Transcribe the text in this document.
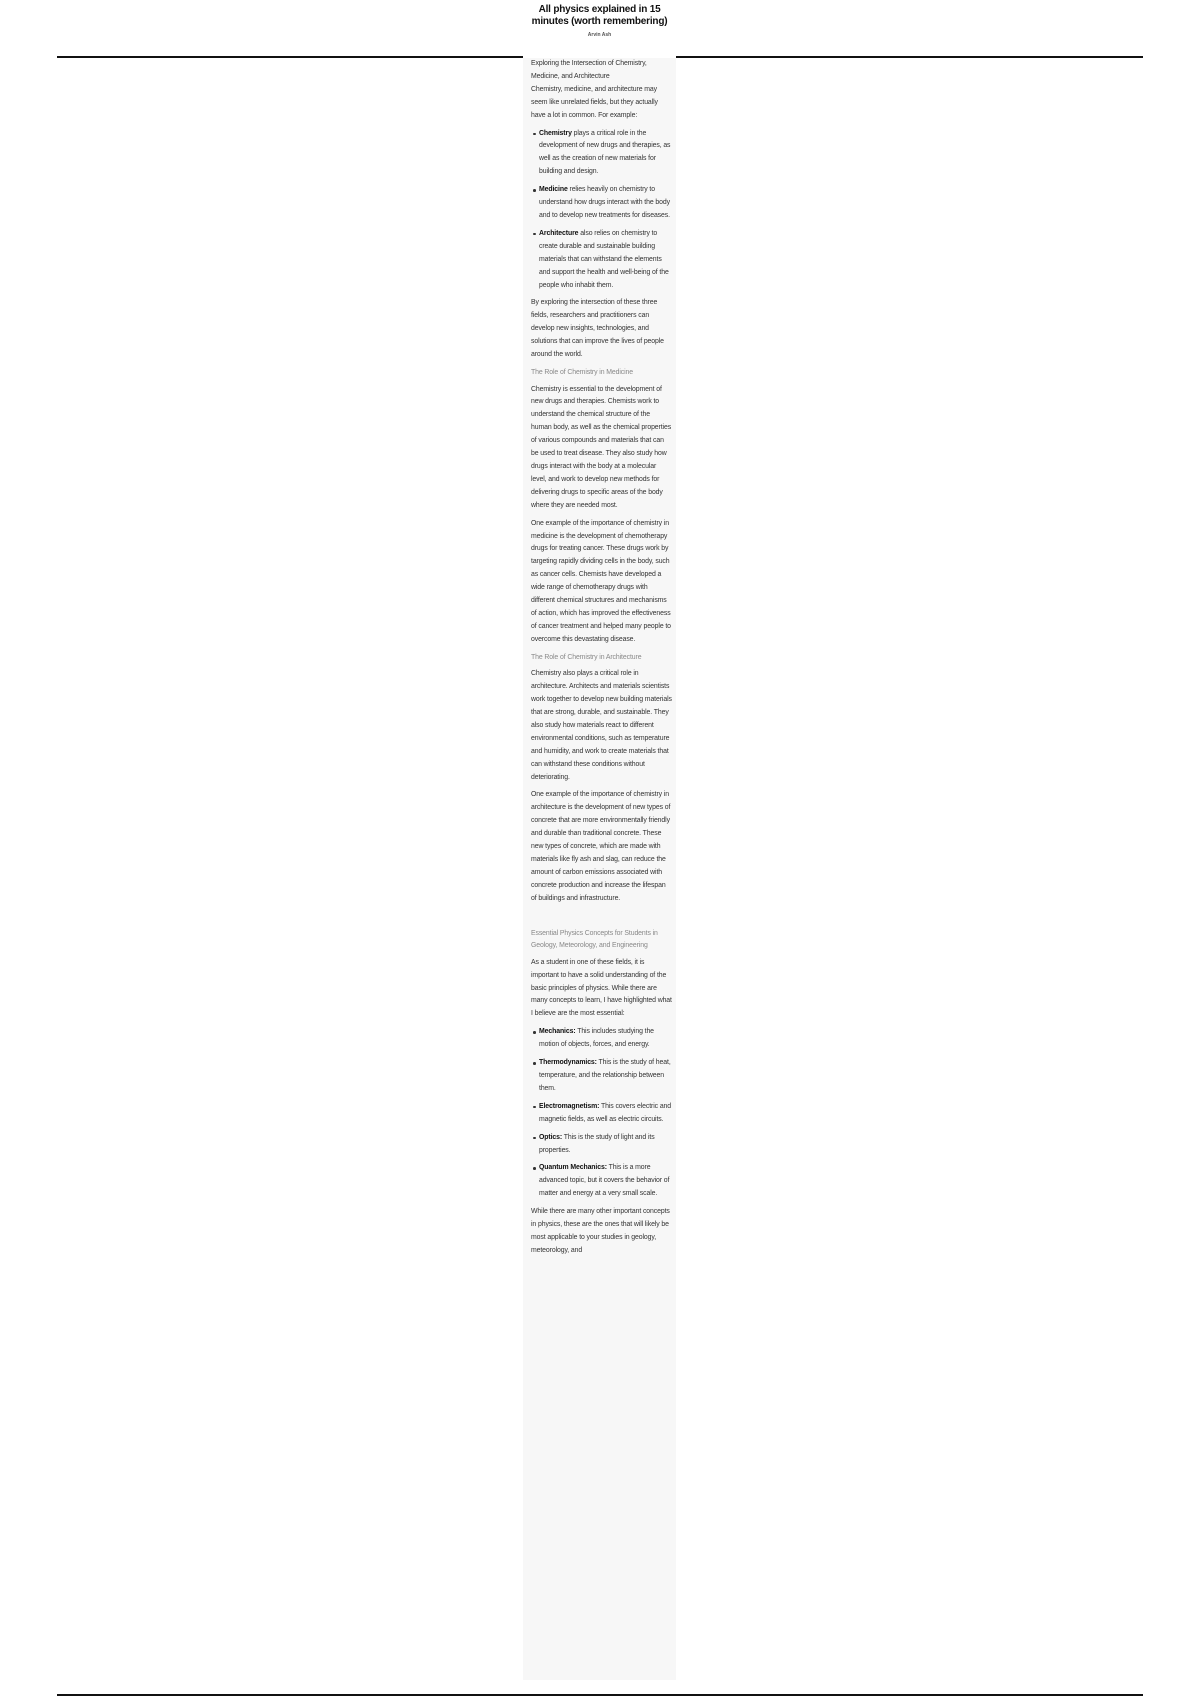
All physics explained in 15 minutes (worth remembering)
Arvin Ash

Exploring the Intersection of Chemistry, Medicine, and Architecture

Chemistry, medicine, and architecture may seem like unrelated fields, but they actually have a lot in common. For example:

Chemistry plays a critical role in the development of new drugs and therapies, as well as the creation of new materials for building and design.
Medicine relies heavily on chemistry to understand how drugs interact with the body and to develop new treatments for diseases.
Architecture also relies on chemistry to create durable and sustainable building materials that can withstand the elements and support the health and well-being of the people who inhabit them.

By exploring the intersection of these three fields, researchers and practitioners can develop new insights, technologies, and solutions that can improve the lives of people around the world.

The Role of Chemistry in Medicine

Chemistry is essential to the development of new drugs and therapies. Chemists work to understand the chemical structure of the human body, as well as the chemical properties of various compounds and materials that can be used to treat disease. They also study how drugs interact with the body at a molecular level, and work to develop new methods for delivering drugs to specific areas of the body where they are needed most.

One example of the importance of chemistry in medicine is the development of chemotherapy drugs for treating cancer. These drugs work by targeting rapidly dividing cells in the body, such as cancer cells. Chemists have developed a wide range of chemotherapy drugs with different chemical structures and mechanisms of action, which has improved the effectiveness of cancer treatment and helped many people to overcome this devastating disease.

The Role of Chemistry in Architecture

Chemistry also plays a critical role in architecture. Architects and materials scientists work together to develop new building materials that are strong, durable, and sustainable. They also study how materials react to different environmental conditions, such as temperature and humidity, and work to create materials that can withstand these conditions without deteriorating.

One example of the importance of chemistry in architecture is the development of new types of concrete that are more environmentally friendly and durable than traditional concrete. These new types of concrete, which are made with materials like fly ash and slag, can reduce the amount of carbon emissions associated with concrete production and increase the lifespan of buildings and infrastructure.

Essential Physics Concepts for Students in Geology, Meteorology, and Engineering

As a student in one of these fields, it is important to have a solid understanding of the basic principles of physics. While there are many concepts to learn, I have highlighted what I believe are the most essential:

Mechanics: This includes studying the motion of objects, forces, and energy.
Thermodynamics: This is the study of heat, temperature, and the relationship between them.
Electromagnetism: This covers electric and magnetic fields, as well as electric circuits.
Optics: This is the study of light and its properties.
Quantum Mechanics: This is a more advanced topic, but it covers the behavior of matter and energy at a very small scale.

While there are many other important concepts in physics, these are the ones that will likely be most applicable to your studies in geology, meteorology, and
